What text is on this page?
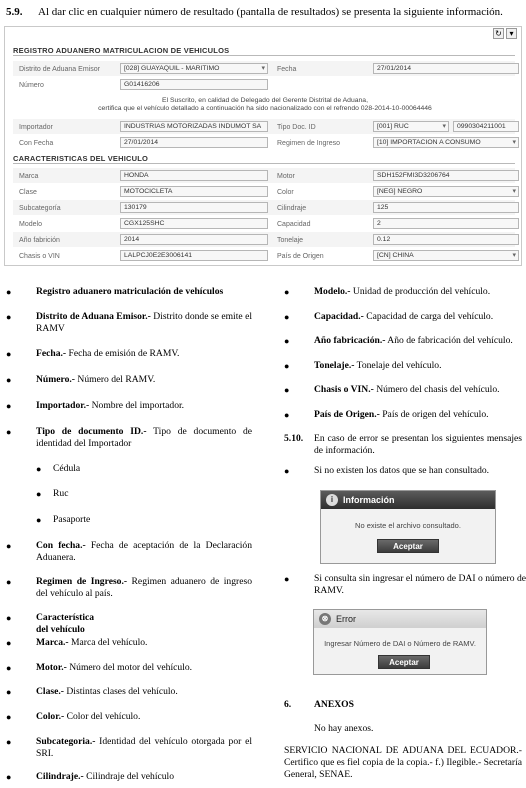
5.9. Al dar clic en cualquier número de resultado (pantalla de resultados) se presenta la siguiente información.
↻ ▾
REGISTRO ADUANERO MATRICULACION DE VEHICULOS
Distrito de Aduana Emisor	[028] GUAYAQUIL - MARITIMO ▾	Fecha	27/01/2014
Número	G01416206
El Suscrito, en calidad de Delegado del Gerente Distrital de Aduana,
certifica que el vehículo detallado a continuación ha sido nacionalizado con el refrendo 028-2014-10-00064446
Importador	INDUSTRIAS MOTORIZADAS INDUMOT SA	Tipo Doc. ID	[001] RUC ▾	0990304211001
Con Fecha	27/01/2014	Regimen de Ingreso	[10] IMPORTACION A CONSUMO ▾
CARACTERISTICAS DEL VEHICULO
Marca	HONDA	Motor	SDH152FMI3D3206764
Clase	MOTOCICLETA	Color	[NEG] NEGRO ▾
Subcategoría	130179	Cilindraje	125
Modelo	CGX125SHC	Capacidad	2
Año fabrición	2014	Tonelaje	0.12
Chasis o VIN	LALPCJ0E2E3006141	País de Origen	[CN] CHINA ▾
●	Registro aduanero matriculación de vehículos
●	Distrito de Aduana Emisor.- Distrito donde se emite el RAMV
●	Fecha.- Fecha de emisión de RAMV.
●	Número.- Número del RAMV.
●	Importador.- Nombre del importador.
●	Tipo de documento ID.- Tipo de documento de identidad del Importador
● Cédula
● Ruc
● Pasaporte
●	Con fecha.- Fecha de aceptación de la Declaración Aduanera.
●	Regimen de Ingreso.- Regimen aduanero de ingreso del vehículo al país.
●	Característica del vehículo
●	Marca.- Marca del vehículo.
●	Motor.- Número del motor del vehículo.
●	Clase.- Distintas clases del vehículo.
●	Color.- Color del vehículo.
●	Subcategoria.- Identidad del vehículo otorgada por el SRI.
●	Cilindraje.- Cilindraje del vehículo
●	Modelo.- Unidad de producción del vehículo.
●	Capacidad.- Capacidad de carga del vehículo.
●	Año fabricación.- Año de fabricación del vehículo.
●	Tonelaje.- Tonelaje del vehículo.
●	Chasis o VIN.- Número del chasis del vehículo.
●	País de Origen.- País de origen del vehículo.
5.10. En caso de error se presentan los siguientes mensajes de información.
●	Si no existen los datos que se han consultado.
●	Si consulta sin ingresar el número de DAI o número de RAMV.
6. ANEXOS
No hay anexos.
SERVICIO NACIONAL DE ADUANA DEL ECUADOR.- Certifico que es fiel copia de la copia.- f.) Ilegible.- Secretaría General, SENAE.
i	Información
No existe el archivo consultado.
Aceptar
⊗ Error
Ingresar Número de DAI o Número de RAMV.
Aceptar
